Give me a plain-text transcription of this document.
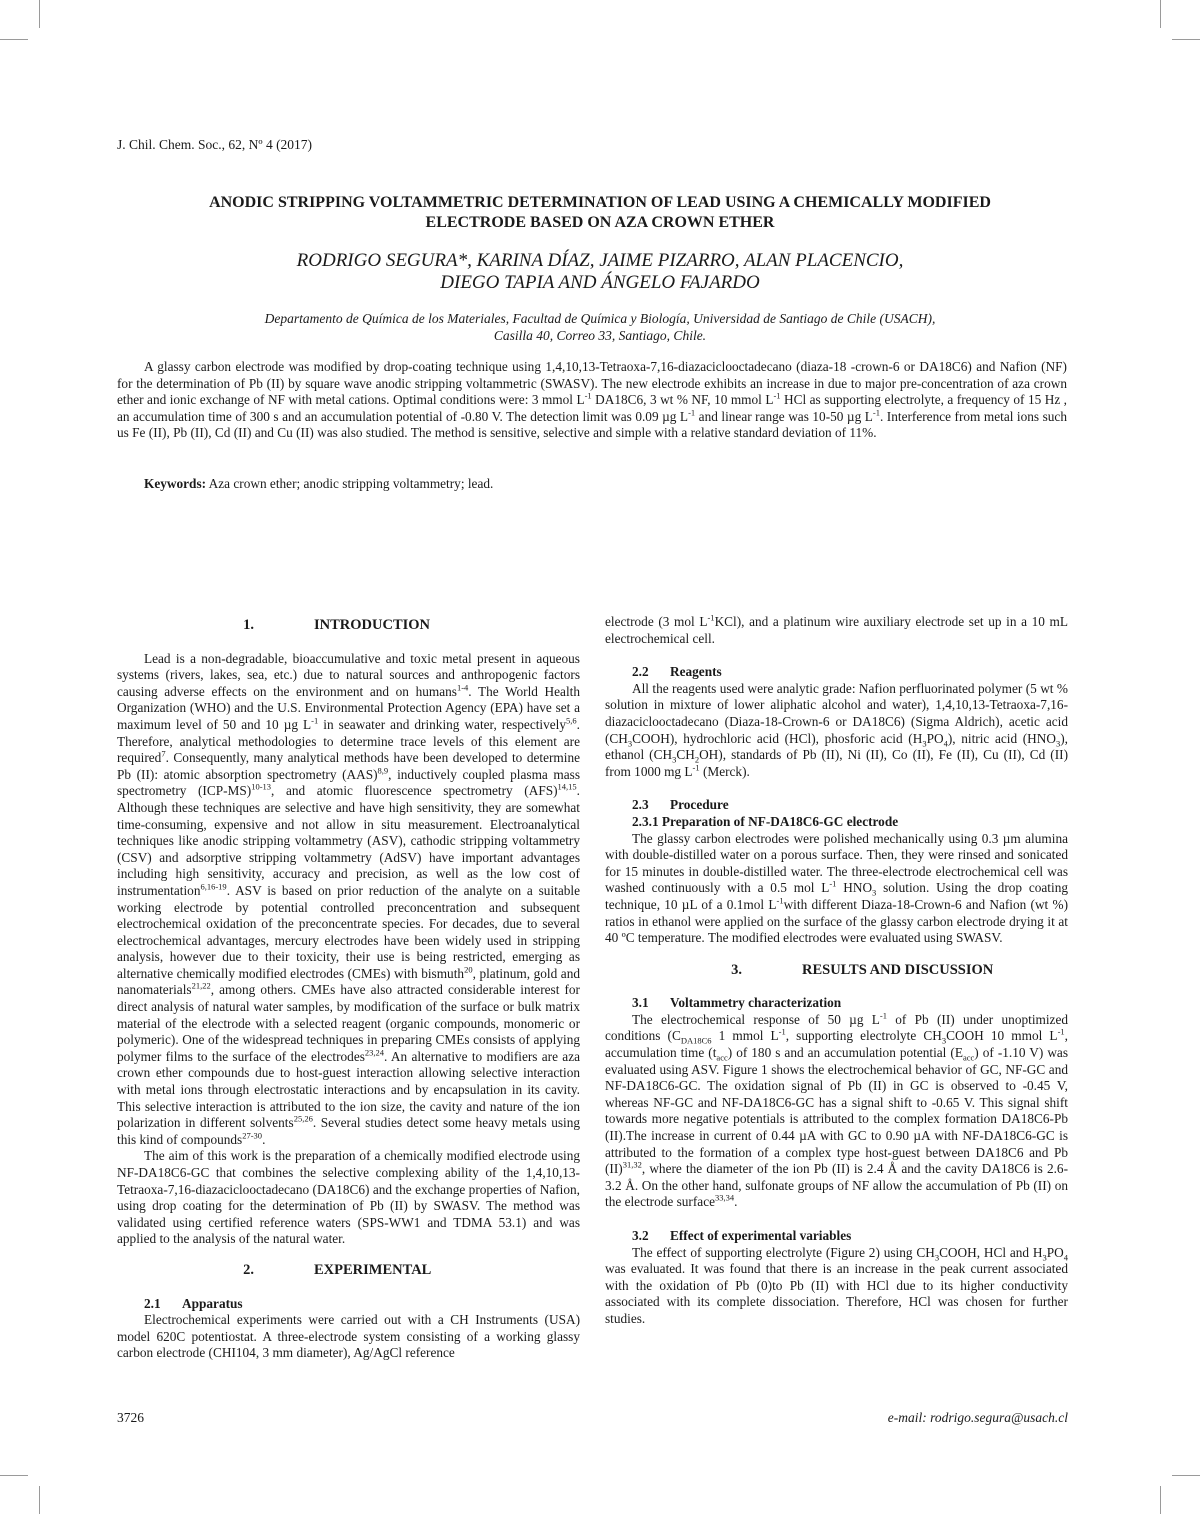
J. Chil. Chem. Soc., 62, Nº 4 (2017)
ANODIC STRIPPING VOLTAMMETRIC DETERMINATION OF LEAD USING A CHEMICALLY MODIFIED
ELECTRODE BASED ON AZA CROWN ETHER
RODRIGO SEGURA*, KARINA DÍAZ, JAIME PIZARRO, ALAN PLACENCIO,
DIEGO TAPIA AND ÁNGELO FAJARDO
Departamento de Química de los Materiales, Facultad de Química y Biología, Universidad de Santiago de Chile (USACH),
Casilla 40, Correo 33, Santiago, Chile.

A glassy carbon electrode was modified by drop-coating technique using 1,4,10,13-Tetraoxa-7,16-diazaciclooctadecano (diaza-18 -crown-6 or DA18C6) and Nafion (NF) for the determination of Pb (II) by square wave anodic stripping voltammetric (SWASV). The new electrode exhibits an increase in due to major pre-concentration of aza crown ether and ionic exchange of NF with metal cations. Optimal conditions were: 3 mmol $L^{-1}$ DA18C6, 3 wt % NF, 10 mmol $L^{-1}$ HCl as supporting electrolyte, a frequency of 15 Hz , an accumulation time of 300 s and an accumulation potential of -0.80 V. The detection limit was 0.09 µg $L^{-1}$ and linear range was 10-50 µg $L^{-1}$. Interference from metal ions such us Fe (II), Pb (II), Cd (II) and Cu (II) was also studied. The method is sensitive, selective and simple with a relative standard deviation of 11%.

Keywords: Aza crown ether; anodic stripping voltammetry; lead.

1.	INTRODUCTION

Lead is a non-degradable, bioaccumulative and toxic metal present in aqueous systems (rivers, lakes, sea, etc.) due to natural sources and anthropogenic factors causing adverse effects on the environment and on humans$^{1-4}$. The World Health Organization (WHO) and the U.S. Environmental Protection Agency (EPA) have set a maximum level of 50 and 10 µg $L^{-1}$ in seawater and drinking water, respectively$^{5,6}$. Therefore, analytical methodologies to determine trace levels of this element are required$^7$. Consequently, many analytical methods have been developed to determine Pb (II): atomic absorption spectrometry (AAS)$^{8,9}$, inductively coupled plasma mass spectrometry $(ICP-MS)^{10-13}$, and atomic fluorescence spectrometry (AFS)$^{14,15}$. Although these techniques are selective and have high sensitivity, they are somewhat time-consuming, expensive and not allow in situ measurement. Electroanalytical techniques like anodic stripping voltammetry (ASV), cathodic stripping voltammetry (CSV) and adsorptive stripping voltammetry (AdSV) have important advantages including high sensitivity, accuracy and precision, as well as the low cost of instrumentation$^{6,16-19}$. ASV is based on prior reduction of the analyte on a suitable working electrode by potential controlled preconcentration and subsequent electrochemical oxidation of the preconcentrate species. For decades, due to several electrochemical advantages, mercury electrodes have been widely used in stripping analysis, however due to their toxicity, their use is being restricted, emerging as alternative chemically modified electrodes (CMEs) with bismuth$^{20}$, platinum, gold and nanomaterials$^{21,22}$, among others. CMEs have also attracted considerable interest for direct analysis of natural water samples, by modification of the surface or bulk matrix material of the electrode with a selected reagent (organic compounds, monomeric or polymeric). One of the widespread techniques in preparing CMEs consists of applying polymer films to the surface of the electrodes$^{23,24}$. An alternative to modifiers are aza crown ether compounds due to host-guest interaction allowing selective interaction with metal ions through electrostatic interactions and by encapsulation in its cavity. This selective interaction is attributed to the ion size, the cavity and nature of the ion polarization in different solvents$^{25,26}$. Several studies detect some heavy metals using this kind of compounds$^{27-30}$.

The aim of this work is the preparation of a chemically modified electrode using NF-DA18C6-GC that combines the selective complexing ability of the 1,4,10,13-Tetraoxa-7,16-diazaciclooctadecano (DA18C6) and the exchange properties of Nafion, using drop coating for the determination of Pb (II) by SWASV. The method was validated using certified reference waters (SPS-WW1 and TDMA 53.1) and was applied to the analysis of the natural water.

2.	EXPERIMENTAL
2.1 Apparatus

Electrochemical experiments were carried out with a CH Instruments (USA) model 620C potentiostat. A three-electrode system consisting of a working glassy carbon electrode (CHI104, 3 mm diameter), Ag/AgCl reference

electrode (3 mol $L^{-1}KCl$), and a platinum wire auxiliary electrode set up in a 10 mL electrochemical cell.

2.2 Reagents

All the reagents used were analytic grade: Nafion perfluorinated polymer (5 wt % solution in mixture of lower aliphatic alcohol and water), 1,4,10,13-Tetraoxa-7,16-diazaciclooctadecano (Diaza-18-Crown-6 or DA18C6) (Sigma Aldrich), acetic acid $(CH_3COOH)$, hydrochloric acid (HCl), phosforic acid $(H_3PO_4)$, nitric acid $(HNO_3)$, ethanol $(CH_3CH_2OH)$, standards of Pb (II), Ni (II), Co (II), Fe (II), Cu (II), Cd (II) from 1000 mg $L^{-1}$ (Merck).

2.3 Procedure
2.3.1 Preparation of NF-DA18C6-GC electrode

The glassy carbon electrodes were polished mechanically using 0.3 µm alumina with double-distilled water on a porous surface. Then, they were rinsed and sonicated for 15 minutes in double-distilled water. The three-electrode electrochemical cell was washed continuously with a 0.5 mol $L^{-1}$ $HNO_3$ solution. Using the drop coating technique, 10 µL of a 0.1mol $L^{-1}with$ different Diaza-18-Crown-6 and Nafion (wt %) ratios in ethanol were applied on the surface of the glassy carbon electrode drying it at 40 ºC temperature. The modified electrodes were evaluated using SWASV.

3.	RESULTS AND DISCUSSION
3.1 Voltammetry characterization

The electrochemical response of 50 µg $L^{-1}$ of Pb (II) under unoptimized conditions ($C_{DA18C6}$ 1 mmol $L^{-1}$, supporting electrolyte $CH_3COOH$ 10 mmol $L^{-1}$, accumulation time $(t_{acc})$ of 180 s and an accumulation potential $(E_{acc})$ of -1.10 V) was evaluated using ASV. Figure 1 shows the electrochemical behavior of GC, NF-GC and NF-DA18C6-GC. The oxidation signal of Pb (II) in GC is observed to -0.45 V, whereas NF-GC and NF-DA18C6-GC has a signal shift to -0.65 V. This signal shift towards more negative potentials is attributed to the complex formation DA18C6-Pb (II).The increase in current of 0.44 µA with GC to 0.90 µA with NF-DA18C6-GC is attributed to the formation of a complex type host-guest between DA18C6 and Pb (II)$^{31,32}$, where the diameter of the ion Pb (II) is 2.4 Å and the cavity DA18C6 is 2.6-3.2 Å. On the other hand, sulfonate groups of NF allow the accumulation of Pb (II) on the electrode surface$^{33,34}$.

3.2 Effect of experimental variables

The effect of supporting electrolyte (Figure 2) using $CH_3COOH$, HCl and $H_3PO_4$ was evaluated. It was found that there is an increase in the peak current associated with the oxidation of Pb (0)to Pb (II) with HCl due to its higher conductivity associated with its complete dissociation. Therefore, HCl was chosen for further studies.

3726	e-mail: rodrigo.segura@usach.cl
